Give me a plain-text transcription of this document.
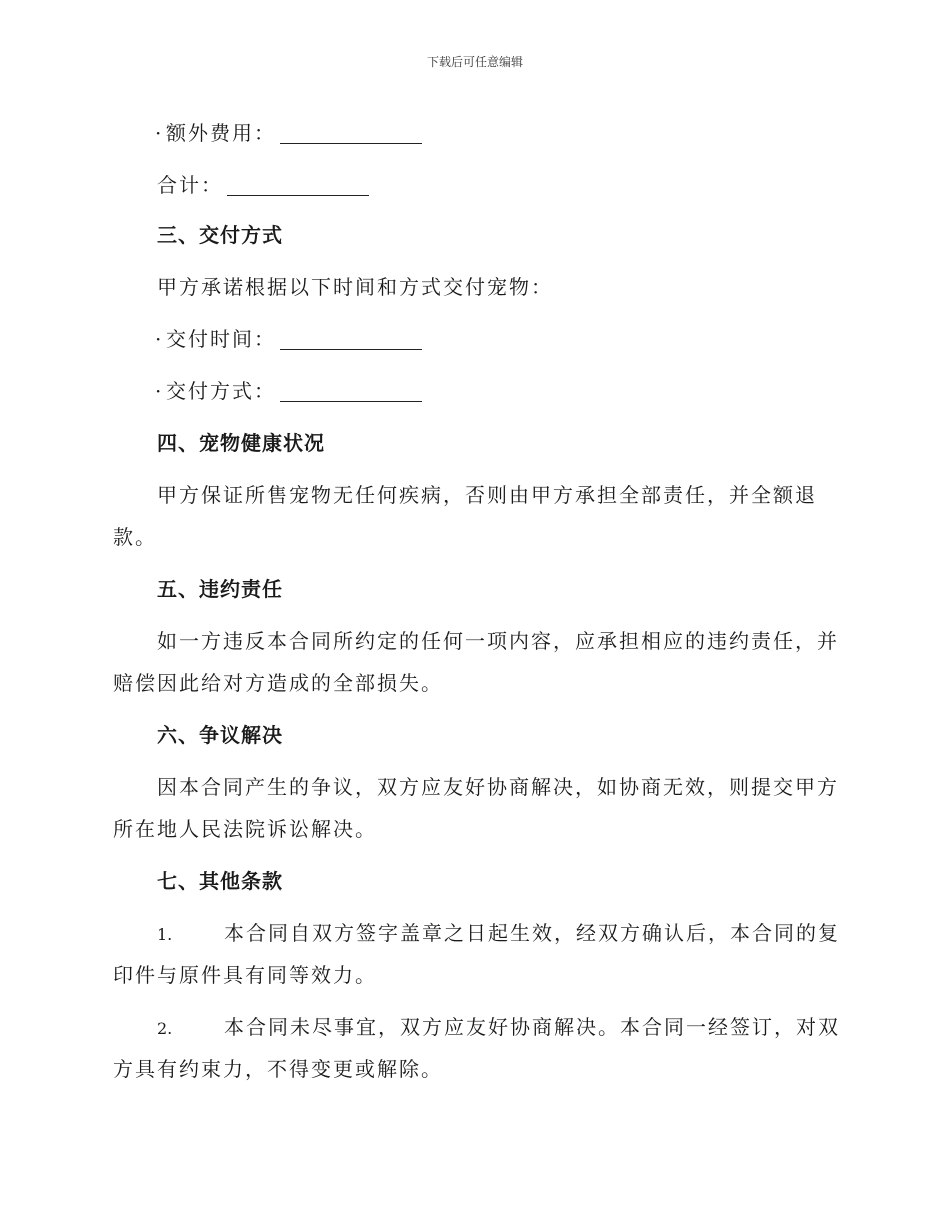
下载后可任意编辑
· 额外费用：
合计：
三、交付方式
甲方承诺根据以下时间和方式交付宠物：
· 交付时间：
· 交付方式：
四、宠物健康状况
甲方保证所售宠物无任何疾病，否则由甲方承担全部责任，并全额退
款。
五、违约责任
如一方违反本合同所约定的任何一项内容，应承担相应的违约责任，并
赔偿因此给对方造成的全部损失。
六、争议解决
因本合同产生的争议，双方应友好协商解决，如协商无效，则提交甲方
所在地人民法院诉讼解决。
七、其他条款
1.	本合同自双方签字盖章之日起生效，经双方确认后，本合同的复
印件与原件具有同等效力。
2.	本合同未尽事宜，双方应友好协商解决。本合同一经签订，对双
方具有约束力，不得变更或解除。
